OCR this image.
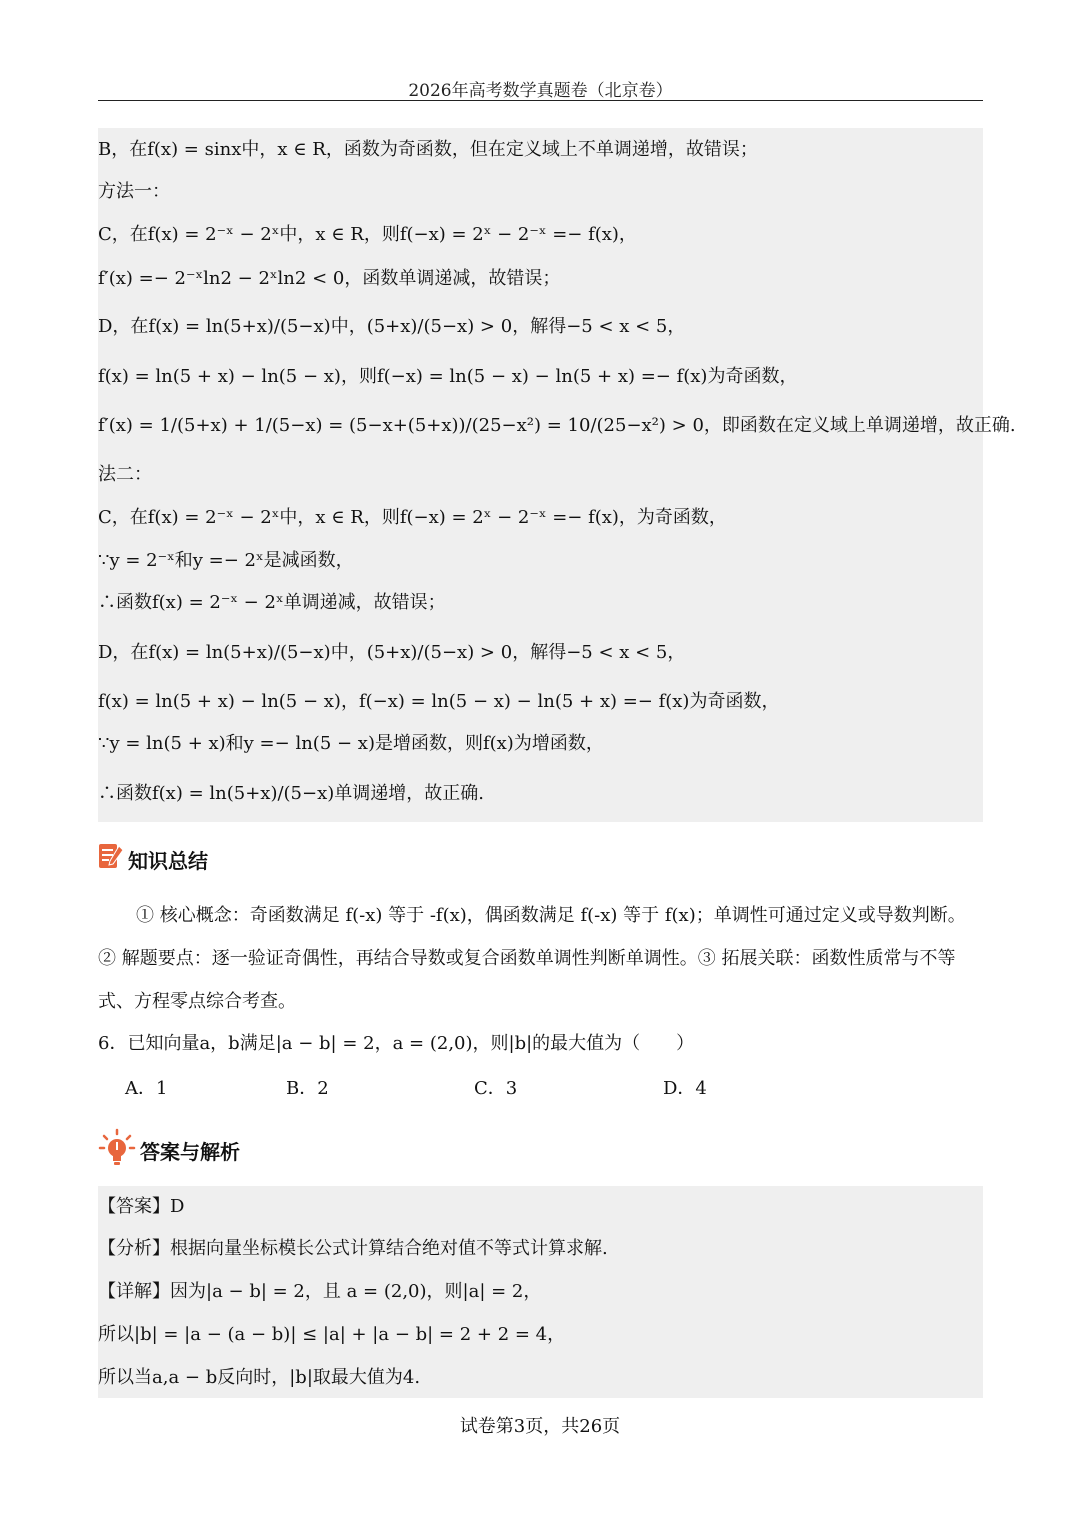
2026年高考数学真题卷（北京卷）
B，在f(x) = sinx中，x ∈ R，函数为奇函数，但在定义域上不单调递增，故错误；
方法一：
C，在f(x) = 2⁻ˣ − 2ˣ中，x ∈ R，则f(−x) = 2ˣ − 2⁻ˣ =− f(x)，
f′(x) =− 2⁻ˣln2 − 2ˣln2 < 0，函数单调递减，故错误；
D，在f(x) = ln(5+x)/(5−x)中，(5+x)/(5−x) > 0，解得−5 < x < 5，
f(x) = ln(5 + x) − ln(5 − x)，则f(−x) = ln(5 − x) − ln(5 + x) =− f(x)为奇函数，
f′(x) = 1/(5+x) + 1/(5−x) = (5−x+(5+x))/(25−x²) = 10/(25−x²) > 0，即函数在定义域上单调递增，故正确.
法二：
C，在f(x) = 2⁻ˣ − 2ˣ中，x ∈ R，则f(−x) = 2ˣ − 2⁻ˣ =− f(x)，为奇函数，
∵y = 2⁻ˣ和y =− 2ˣ是减函数，
∴函数f(x) = 2⁻ˣ − 2ˣ单调递减，故错误；
D，在f(x) = ln(5+x)/(5−x)中，(5+x)/(5−x) > 0，解得−5 < x < 5，
f(x) = ln(5 + x) − ln(5 − x)，f(−x) = ln(5 − x) − ln(5 + x) =− f(x)为奇函数，
∵y = ln(5 + x)和y =− ln(5 − x)是增函数，则f(x)为增函数，
∴函数f(x) = ln(5+x)/(5−x)单调递增，故正确.
知识总结
① 核心概念：奇函数满足 f(-x) 等于 -f(x)，偶函数满足 f(-x) 等于 f(x)；单调性可通过定义或导数判断。② 解题要点：逐一验证奇偶性，再结合导数或复合函数单调性判断单调性。③ 拓展关联：函数性质常与不等式、方程零点综合考查。
6．已知向量a，b满足|a − b| = 2，a = (2,0)，则|b|的最大值为（　　）
A．1	B．2	C．3	D．4
答案与解析
【答案】D
【分析】根据向量坐标模长公式计算结合绝对值不等式计算求解.
【详解】因为|a − b| = 2，且 a = (2,0)，则|a| = 2，
所以|b| = |a − (a − b)| ≤ |a| + |a − b| = 2 + 2 = 4，
所以当a,a − b反向时，|b|取最大值为4.
试卷第3页，共26页
